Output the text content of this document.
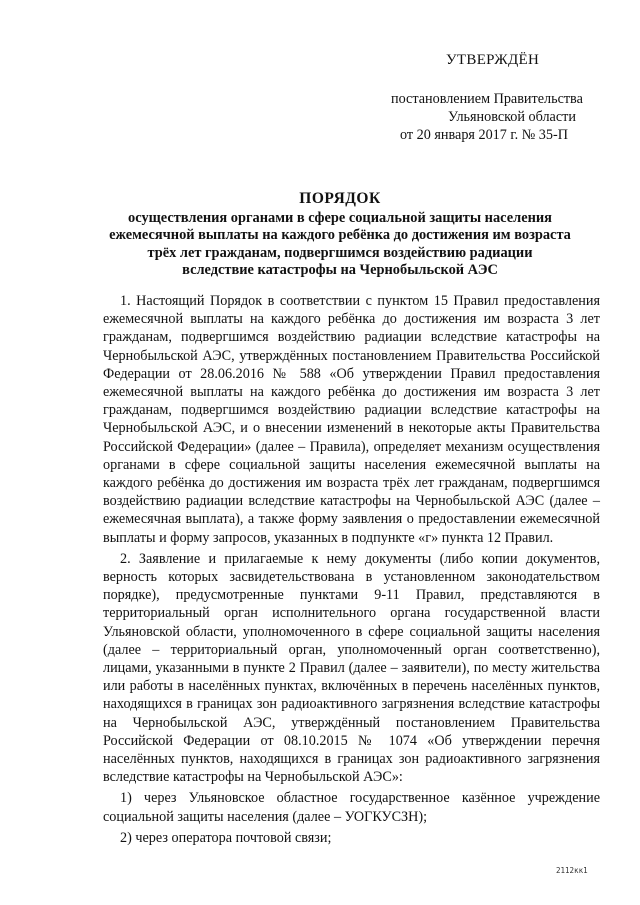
УТВЕРЖДЁН
постановлением Правительства
Ульяновской области
от 20 января 2017 г. № 35-П
ПОРЯДОК
осуществления органами в сфере социальной защиты населения
ежемесячной выплаты на каждого ребёнка до достижения им возраста
трёх лет гражданам, подвергшимся воздействию радиации
вследствие катастрофы на Чернобыльской АЭС

1. Настоящий Порядок в соответствии с пунктом 15 Правил предоставления ежемесячной выплаты на каждого ребёнка до достижения им возраста 3 лет гражданам, подвергшимся воздействию радиации вследствие катастрофы на Чернобыльской АЭС, утверждённых постановлением Правительства Российской Федерации от 28.06.2016 № 588 «Об утверждении Правил предоставления ежемесячной выплаты на каждого ребёнка до достижения им возраста 3 лет гражданам, подвергшимся воздействию радиации вследствие катастрофы на Чернобыльской АЭС, и о внесении изменений в некоторые акты Правительства Российской Федерации» (далее – Правила), определяет механизм осуществления органами в сфере социальной защиты населения ежемесячной выплаты на каждого ребёнка до достижения им возраста трёх лет гражданам, подвергшимся воздействию радиации вследствие катастрофы на Чернобыльской АЭС (далее – ежемесячная выплата), а также форму заявления о предоставлении ежемесячной выплаты и форму запросов, указанных в подпункте «г» пункта 12 Правил.

2. Заявление и прилагаемые к нему документы (либо копии документов, верность которых засвидетельствована в установленном законодательством порядке), предусмотренные пунктами 9-11 Правил, представляются в территориальный орган исполнительного органа государственной власти Ульяновской области, уполномоченного в сфере социальной защиты населения (далее – территориальный орган, уполномоченный орган соответственно), лицами, указанными в пункте 2 Правил (далее – заявители), по месту жительства или работы в населённых пунктах, включённых в перечень населённых пунктов, находящихся в границах зон радиоактивного загрязнения вследствие катастрофы на Чернобыльской АЭС, утверждённый постановлением Правительства Российской Федерации от 08.10.2015 № 1074 «Об утверждении перечня населённых пунктов, находящихся в границах зон радиоактивного загрязнения вследствие катастрофы на Чернобыльской АЭС»:

1) через Ульяновское областное государственное казённое учреждение социальной защиты населения (далее – УОГКУСЗН);

2) через оператора почтовой связи;

2112кк1
